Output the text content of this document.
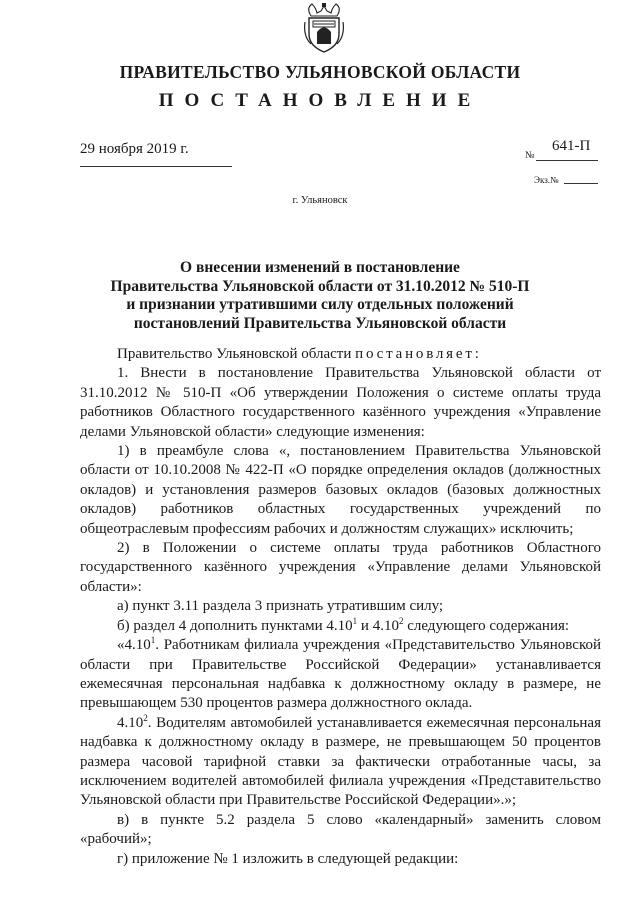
ПРАВИТЕЛЬСТВО УЛЬЯНОВСКОЙ ОБЛАСТИ
ПОСТАНОВЛЕНИЕ
29 ноября 2019 г.	№
641-П
Экз.№
г. Ульяновск
О внесении изменений в постановление
Правительства Ульяновской области от 31.10.2012 № 510-П
и признании утратившими силу отдельных положений
постановлений Правительства Ульяновской области

Правительство Ульяновской области постановляет:

1. Внести в постановление Правительства Ульяновской области от 31.10.2012 № 510-П «Об утверждении Положения о системе оплаты труда работников Областного государственного казённого учреждения «Управление делами Ульяновской области» следующие изменения:

1) в преамбуле слова «, постановлением Правительства Ульяновской области от 10.10.2008 № 422-П «О порядке определения окладов (должностных окладов) и установления размеров базовых окладов (базовых должностных окладов) работников областных государственных учреждений по общеотраслевым профессиям рабочих и должностям служащих» исключить;

2) в Положении о системе оплаты труда работников Областного государственного казённого учреждения «Управление делами Ульяновской области»:

а) пункт 3.11 раздела 3 признать утратившим силу;

б) раздел 4 дополнить пунктами 4.10$^1$ и 4.10$^2$ следующего содержания:

«4.10$^1$. Работникам филиала учреждения «Представительство Ульяновской области при Правительстве Российской Федерации» устанавливается ежемесячная персональная надбавка к должностному окладу в размере, не превышающем 530 процентов размера должностного оклада.

4.10$^2$. Водителям автомобилей устанавливается ежемесячная персональная надбавка к должностному окладу в размере, не превышающем 50 процентов размера часовой тарифной ставки за фактически отработанные часы, за исключением водителей автомобилей филиала учреждения «Представительство Ульяновской области при Правительстве Российской Федерации».»;

в) в пункте 5.2 раздела 5 слово «календарный» заменить словом «рабочий»;

г) приложение № 1 изложить в следующей редакции:
